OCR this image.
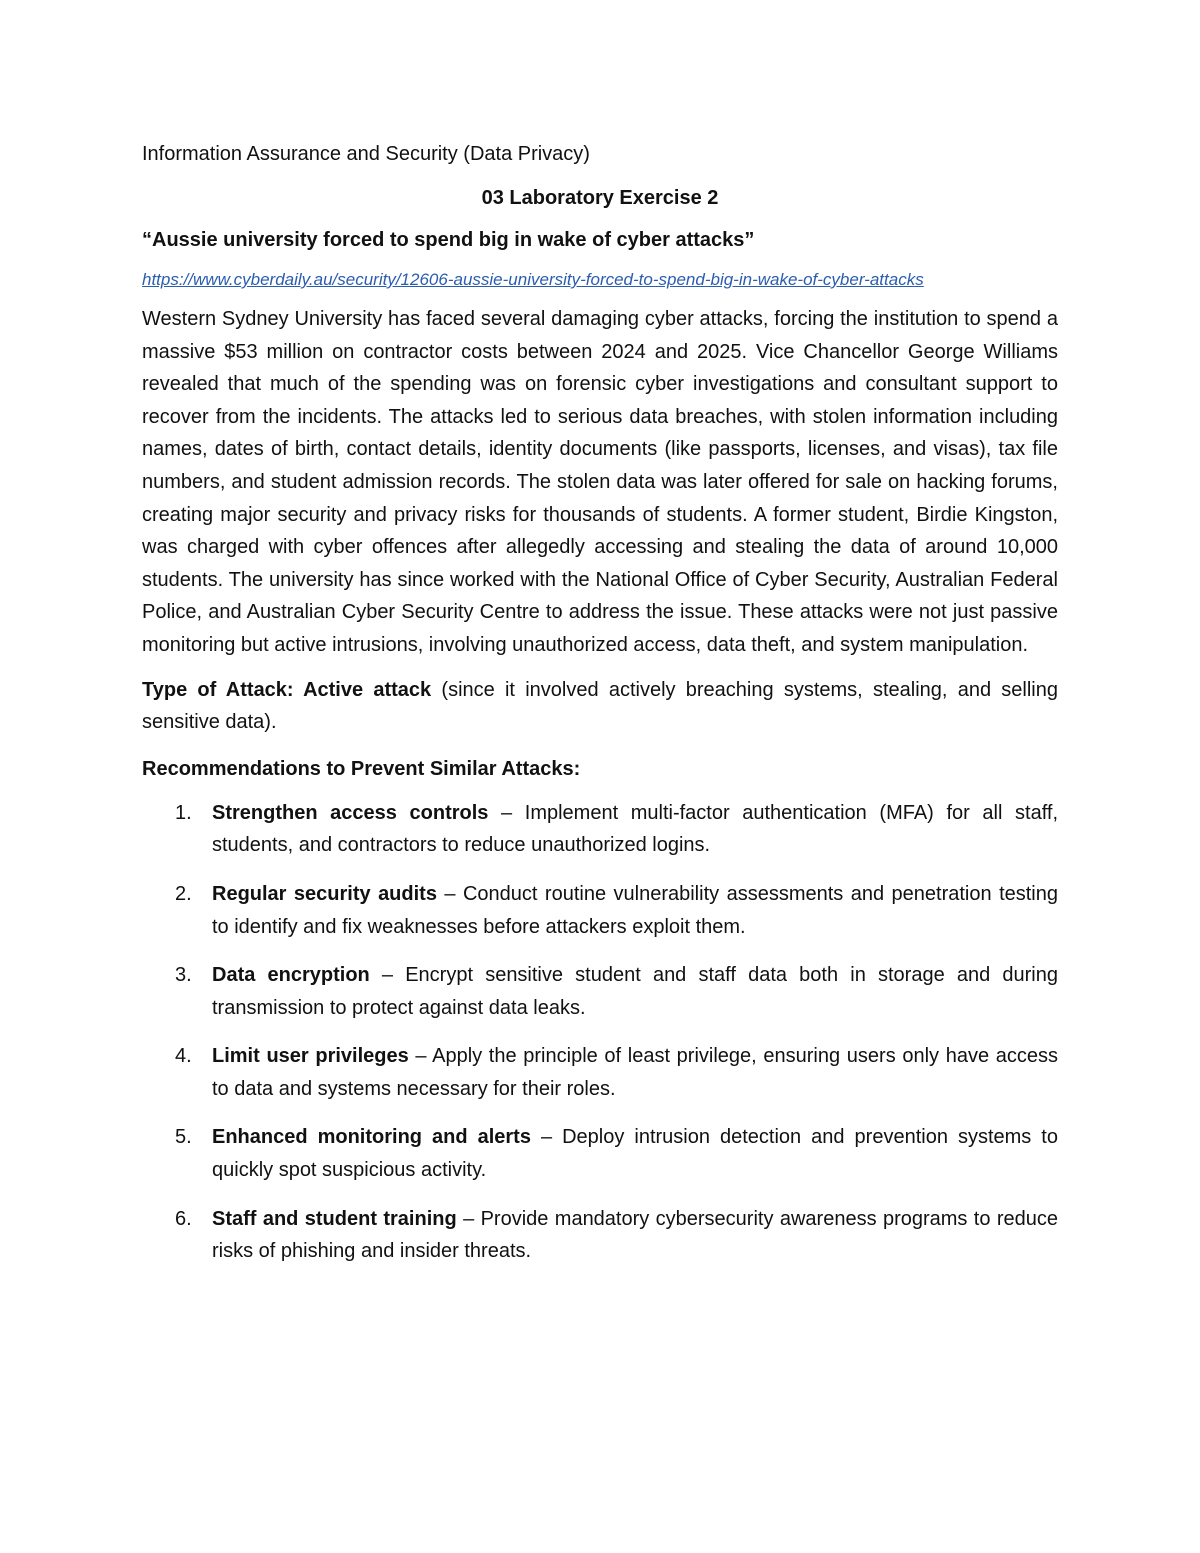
Information Assurance and Security (Data Privacy)

03 Laboratory Exercise 2

“Aussie university forced to spend big in wake of cyber attacks”

https://www.cyberdaily.au/security/12606-aussie-university-forced-to-spend-big-in-wake-of-cyber-attacks

Western Sydney University has faced several damaging cyber attacks, forcing the institution to spend a massive $53 million on contractor costs between 2024 and 2025. Vice Chancellor George Williams revealed that much of the spending was on forensic cyber investigations and consultant support to recover from the incidents. The attacks led to serious data breaches, with stolen information including names, dates of birth, contact details, identity documents (like passports, licenses, and visas), tax file numbers, and student admission records. The stolen data was later offered for sale on hacking forums, creating major security and privacy risks for thousands of students. A former student, Birdie Kingston, was charged with cyber offences after allegedly accessing and stealing the data of around 10,000 students. The university has since worked with the National Office of Cyber Security, Australian Federal Police, and Australian Cyber Security Centre to address the issue. These attacks were not just passive monitoring but active intrusions, involving unauthorized access, data theft, and system manipulation.

Type of Attack: Active attack (since it involved actively breaching systems, stealing, and selling sensitive data).

Recommendations to Prevent Similar Attacks:

1. Strengthen access controls – Implement multi-factor authentication (MFA) for all staff, students, and contractors to reduce unauthorized logins.
2. Regular security audits – Conduct routine vulnerability assessments and penetration testing to identify and fix weaknesses before attackers exploit them.
3. Data encryption – Encrypt sensitive student and staff data both in storage and during transmission to protect against data leaks.
4. Limit user privileges – Apply the principle of least privilege, ensuring users only have access to data and systems necessary for their roles.
5. Enhanced monitoring and alerts – Deploy intrusion detection and prevention systems to quickly spot suspicious activity.
6. Staff and student training – Provide mandatory cybersecurity awareness programs to reduce risks of phishing and insider threats.
